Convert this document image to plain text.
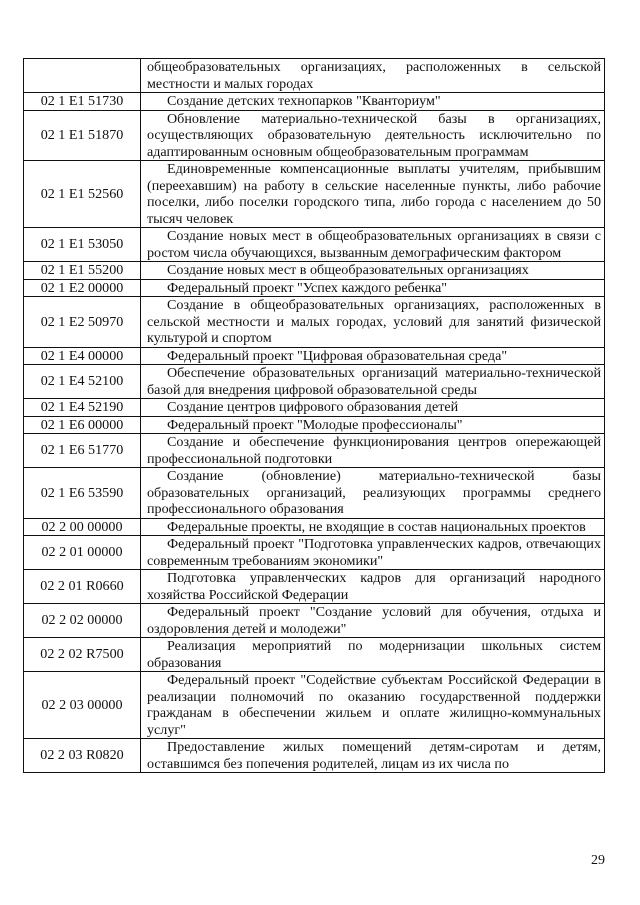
	общеобразовательных организациях, расположенных в сельской местности и малых городах

02 1 E1 51730	Создание детских технопарков "Кванториум"

02 1 E1 51870	Обновление материально-технической базы в организациях, осуществляющих образовательную деятельность исключительно по адаптированным основным общеобразовательным программам

02 1 E1 52560	Единовременные компенсационные выплаты учителям, прибывшим (переехавшим) на работу в сельские населенные пункты, либо рабочие поселки, либо поселки городского типа, либо города с населением до 50 тысяч человек

02 1 E1 53050	Создание новых мест в общеобразовательных организациях в связи с ростом числа обучающихся, вызванным демографическим фактором

02 1 E1 55200	Создание новых мест в общеобразовательных организациях

02 1 E2 00000	Федеральный проект "Успех каждого ребенка"

02 1 E2 50970	Создание в общеобразовательных организациях, расположенных в сельской местности и малых городах, условий для занятий физической культурой и спортом

02 1 E4 00000	Федеральный проект "Цифровая образовательная среда"

02 1 E4 52100	Обеспечение образовательных организаций материально-технической базой для внедрения цифровой образовательной среды

02 1 E4 52190	Создание центров цифрового образования детей

02 1 E6 00000	Федеральный проект "Молодые профессионалы"

02 1 E6 51770	Создание и обеспечение функционирования центров опережающей профессиональной подготовки

02 1 E6 53590	Создание (обновление) материально-технической базы образовательных организаций, реализующих программы среднего профессионального образования

02 2 00 00000	Федеральные проекты, не входящие в состав национальных проектов

02 2 01 00000	Федеральный проект "Подготовка управленческих кадров, отвечающих современным требованиям экономики"

02 2 01 R0660	Подготовка управленческих кадров для организаций народного хозяйства Российской Федерации

02 2 02 00000	Федеральный проект "Создание условий для обучения, отдыха и оздоровления детей и молодежи"

02 2 02 R7500	Реализация мероприятий по модернизации школьных систем образования

02 2 03 00000	Федеральный проект "Содействие субъектам Российской Федерации в реализации полномочий по оказанию государственной поддержки гражданам в обеспечении жильем и оплате жилищно-коммунальных услуг"

02 2 03 R0820	Предоставление жилых помещений детям-сиротам и детям, оставшимся без попечения родителей, лицам из их числа по
29
